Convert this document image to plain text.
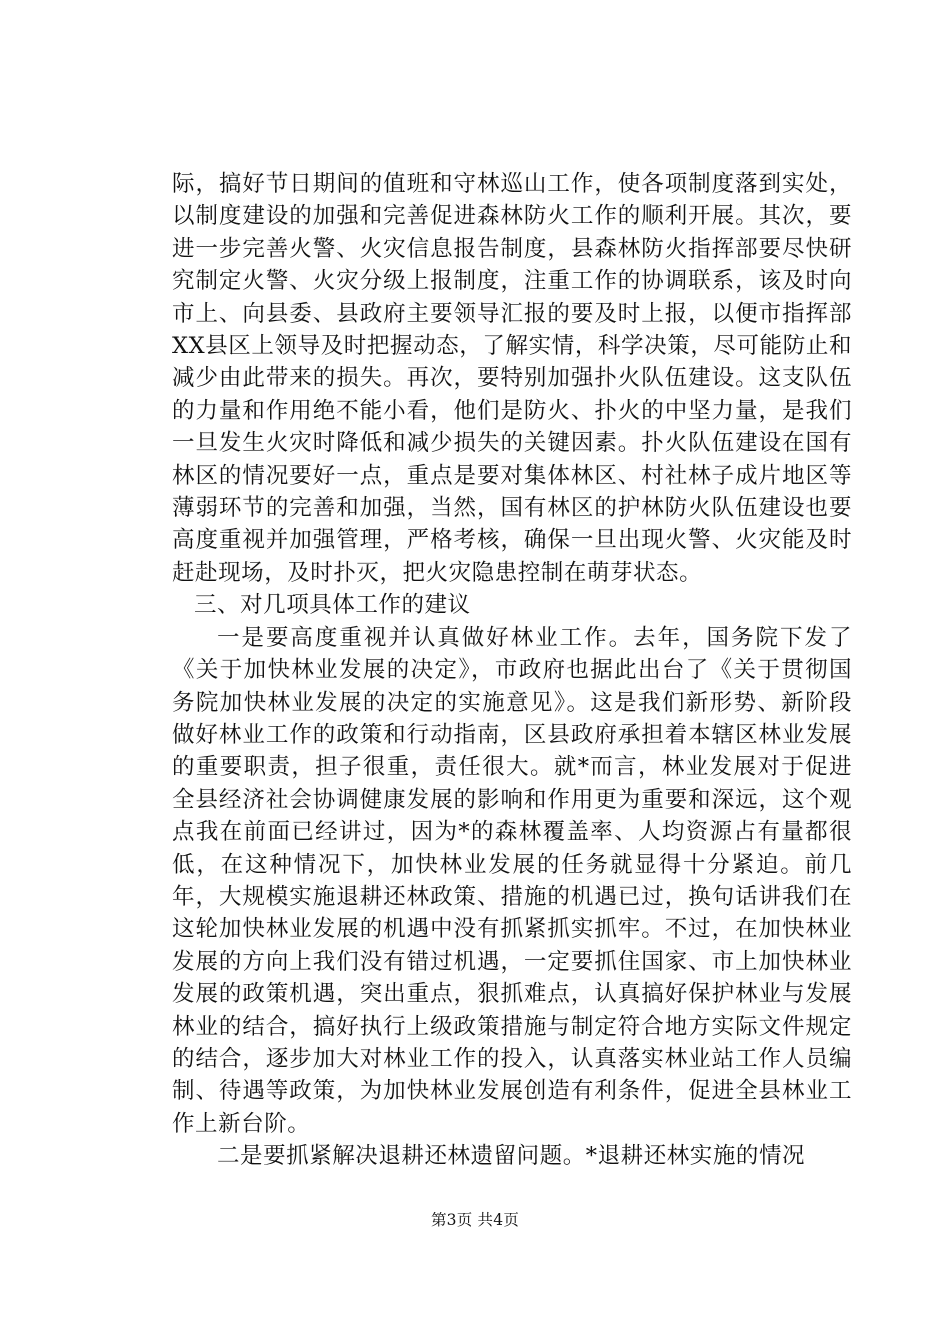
际，搞好节日期间的值班和守林巡山工作，使各项制度落到实处，以制度建设的加强和完善促进森林防火工作的顺利开展。其次，要进一步完善火警、火灾信息报告制度，县森林防火指挥部要尽快研究制定火警、火灾分级上报制度，注重工作的协调联系，该及时向市上、向县委、县政府主要领导汇报的要及时上报，以便市指挥部XX县区上领导及时把握动态，了解实情，科学决策，尽可能防止和减少由此带来的损失。再次，要特别加强扑火队伍建设。这支队伍的力量和作用绝不能小看，他们是防火、扑火的中坚力量，是我们一旦发生火灾时降低和减少损失的关键因素。扑火队伍建设在国有林区的情况要好一点，重点是要对集体林区、村社林子成片地区等薄弱环节的完善和加强，当然，国有林区的护林防火队伍建设也要高度重视并加强管理，严格考核，确保一旦出现火警、火灾能及时赶赴现场，及时扑灭，把火灾隐患控制在萌芽状态。

三、对几项具体工作的建议

一是要高度重视并认真做好林业工作。去年，国务院下发了《关于加快林业发展的决定》，市政府也据此出台了《关于贯彻国务院加快林业发展的决定的实施意见》。这是我们新形势、新阶段做好林业工作的政策和行动指南，区县政府承担着本辖区林业发展的重要职责，担子很重，责任很大。就*而言，林业发展对于促进全县经济社会协调健康发展的影响和作用更为重要和深远，这个观点我在前面已经讲过，因为*的森林覆盖率、人均资源占有量都很低，在这种情况下，加快林业发展的任务就显得十分紧迫。前几年，大规模实施退耕还林政策、措施的机遇已过，换句话讲我们在这轮加快林业发展的机遇中没有抓紧抓实抓牢。不过，在加快林业发展的方向上我们没有错过机遇，一定要抓住国家、市上加快林业发展的政策机遇，突出重点，狠抓难点，认真搞好保护林业与发展林业的结合，搞好执行上级政策措施与制定符合地方实际文件规定的结合，逐步加大对林业工作的投入，认真落实林业站工作人员编制、待遇等政策，为加快林业发展创造有利条件，促进全县林业工作上新台阶。

二是要抓紧解决退耕还林遗留问题。*退耕还林实施的情况

第3页 共4页
